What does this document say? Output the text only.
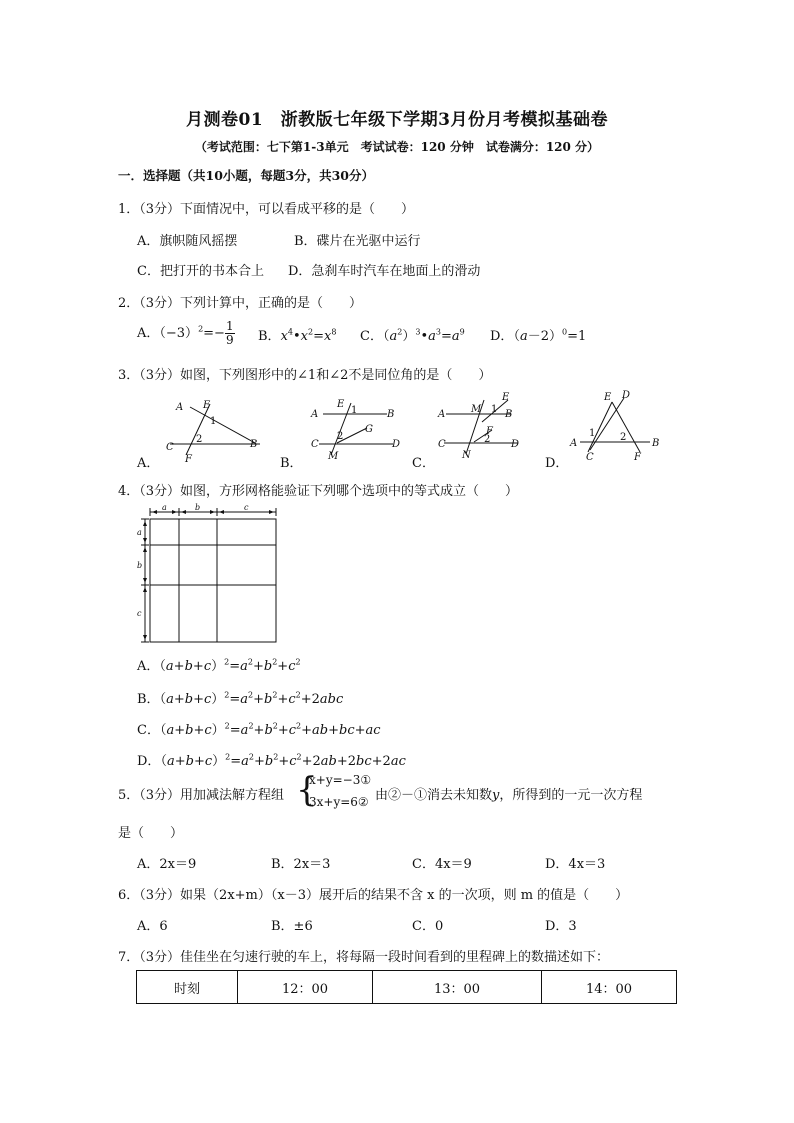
月测卷01　浙教版七年级下学期3月份月考模拟基础卷
（考试范围：七下第1-3单元　考试试卷：120 分钟　试卷满分：120 分）
一．选择题（共10小题，每题3分，共30分）
1．（3分）下面情况中，可以看成平移的是（　　）
A．旗帜随风摇摆	B．碟片在光驱中运行
C．把打开的书本合上 D．急刹车时汽车在地面上的滑动
2．（3分）下列计算中，正确的是（　　）
A．$(-3)^2=- \frac{1}{9}$ B．$x^4•x^2=x^8$ C．$(a^2)^3•a^3=a^9$ D．$(a-2)^0=1$
3．（3分）如图，下列图形中的∠1和∠2不是同位角的是（　　）
A．	B．	C．	D．
A E
C	B
F
1
2
A
E
B
C	D
M
G
1
2
A	M B
E
F
C	D
N
1
2
E D
A	B
C	F
1 2
4．（3分）如图，方形网格能验证下列哪个选项中的等式成立（　　）
a	b	c
a
b
c
A．$(a+b+c)^2=a^2+b^2+c^2$
B．$(a+b+c)^2=a^2+b^2+c^2+2abc$
C．$(a+b+c)^2=a^2+b^2+c^2+ab+bc+ac$
D．$(a+b+c)^2=a^2+b^2+c^2+2ab+2bc+2ac$
5．（3分）用加减法解方程组 {
x+y=−3①
3x+y=6② 由②－①消去未知数y，所得到的一元一次方程
是（　　）
A．2x＝9	B．2x＝3	C．4x＝9	D．4x＝3
6．（3分）如果（2x+m）（x－3）展开后的结果不含 x 的一次项，则 m 的值是（　　）
A．6	B．±6	C．0	D．3
7．（3分）佳佳坐在匀速行驶的车上，将每隔一段时间看到的里程碑上的数描述如下：
时刻	12：00	13：00	14：00
